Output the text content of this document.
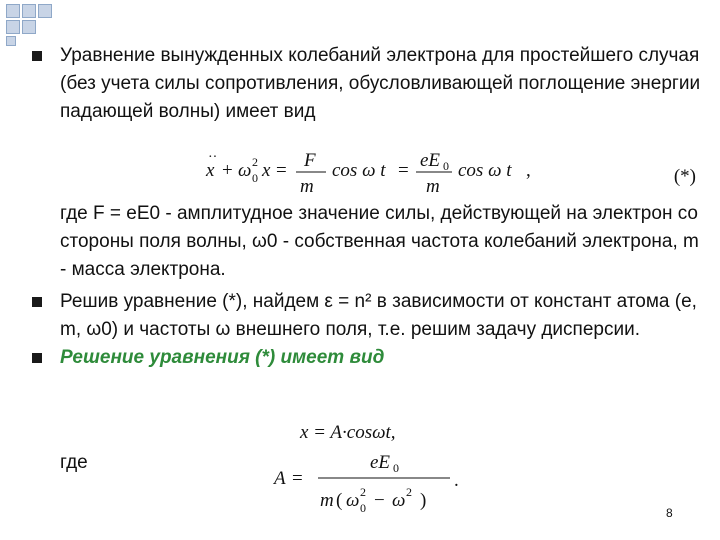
Уравнение вынужденных колебаний электрона для простейшего случая (без учета силы сопротивления, обусловливающей поглощение энергии падающей волны) имеет вид
x
··
+ ω 2
0 x = F
m
cos ω t = eE 0
m
cos ω t ,	(*)
где F = eE0 - амплитудное значение силы, действующей на электрон со стороны поля волны, ω0 - собственная частота колебаний электрона, m - масса электрона.
Решив уравнение (*), найдем ε = n² в зависимости от констант атома (e, m, ω0) и частоты ω внешнего поля, т.е. решим задачу дисперсии.
Решение уравнения (*) имеет вид
x = A·cosωt,
где
A =
eE 0
m ( ω 2
0 − ω 2 )
.
8
